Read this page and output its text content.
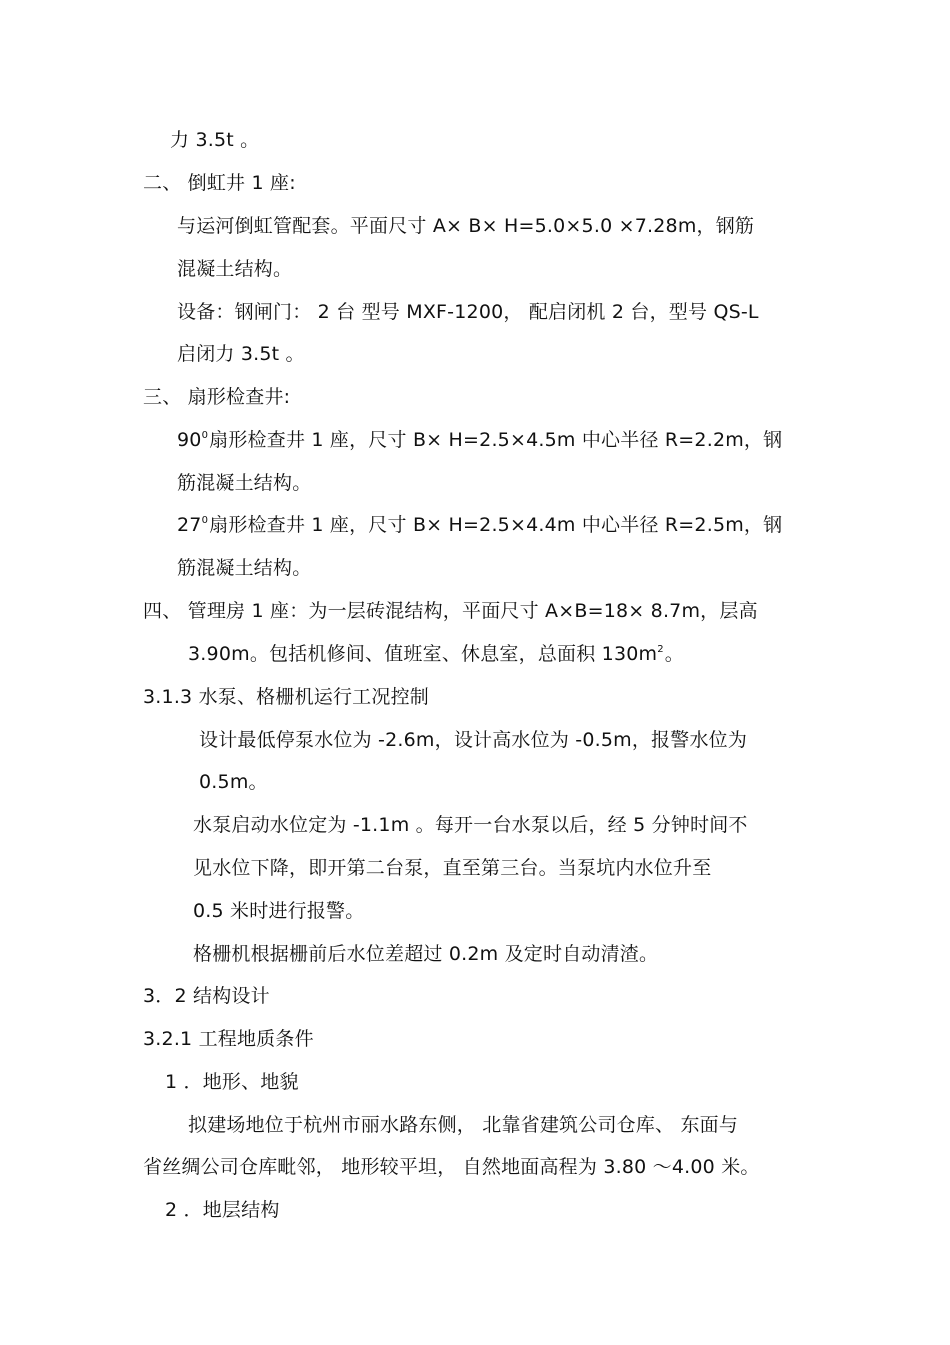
力 3.5t 。
二、 倒虹井 1 座:
与运河倒虹管配套。平面尺寸 A× B× H=5.0×5.0 ×7.28m，钢筋
混凝土结构。
设备：钢闸门： 2 台 型号 MXF-1200， 配启闭机 2 台，型号 QS-L
启闭力 3.5t 。
三、 扇形检查井:
$90^0$扇形检查井 1 座，尺寸 B× H=2.5×4.5m 中心半径 R=2.2m，钢
筋混凝土结构。
$27^0$扇形检查井 1 座，尺寸 B× H=2.5×4.4m 中心半径 R=2.5m，钢
筋混凝土结构。
四、 管理房 1 座：为一层砖混结构，平面尺寸 A×B=18× 8.7m，层高
3.90m。包括机修间、值班室、休息室，总面积 $130m^2$。
3.1.3 水泵、格栅机运行工况控制
设计最低停泵水位为 -2.6m，设计高水位为 -0.5m，报警水位为
0.5m。
水泵启动水位定为 -1.1m 。每开一台水泵以后，经 5 分钟时间不
见水位下降，即开第二台泵，直至第三台。当泵坑内水位升至
0.5 米时进行报警。
格栅机根据栅前后水位差超过 0.2m 及定时自动清渣。
3．2 结构设计
3.2.1 工程地质条件
1 ．地形、地貌
拟建场地位于杭州市丽水路东侧， 北靠省建筑公司仓库、 东面与
省丝绸公司仓库毗邻， 地形较平坦， 自然地面高程为 3.80 ～4.00 米。
2 ．地层结构
